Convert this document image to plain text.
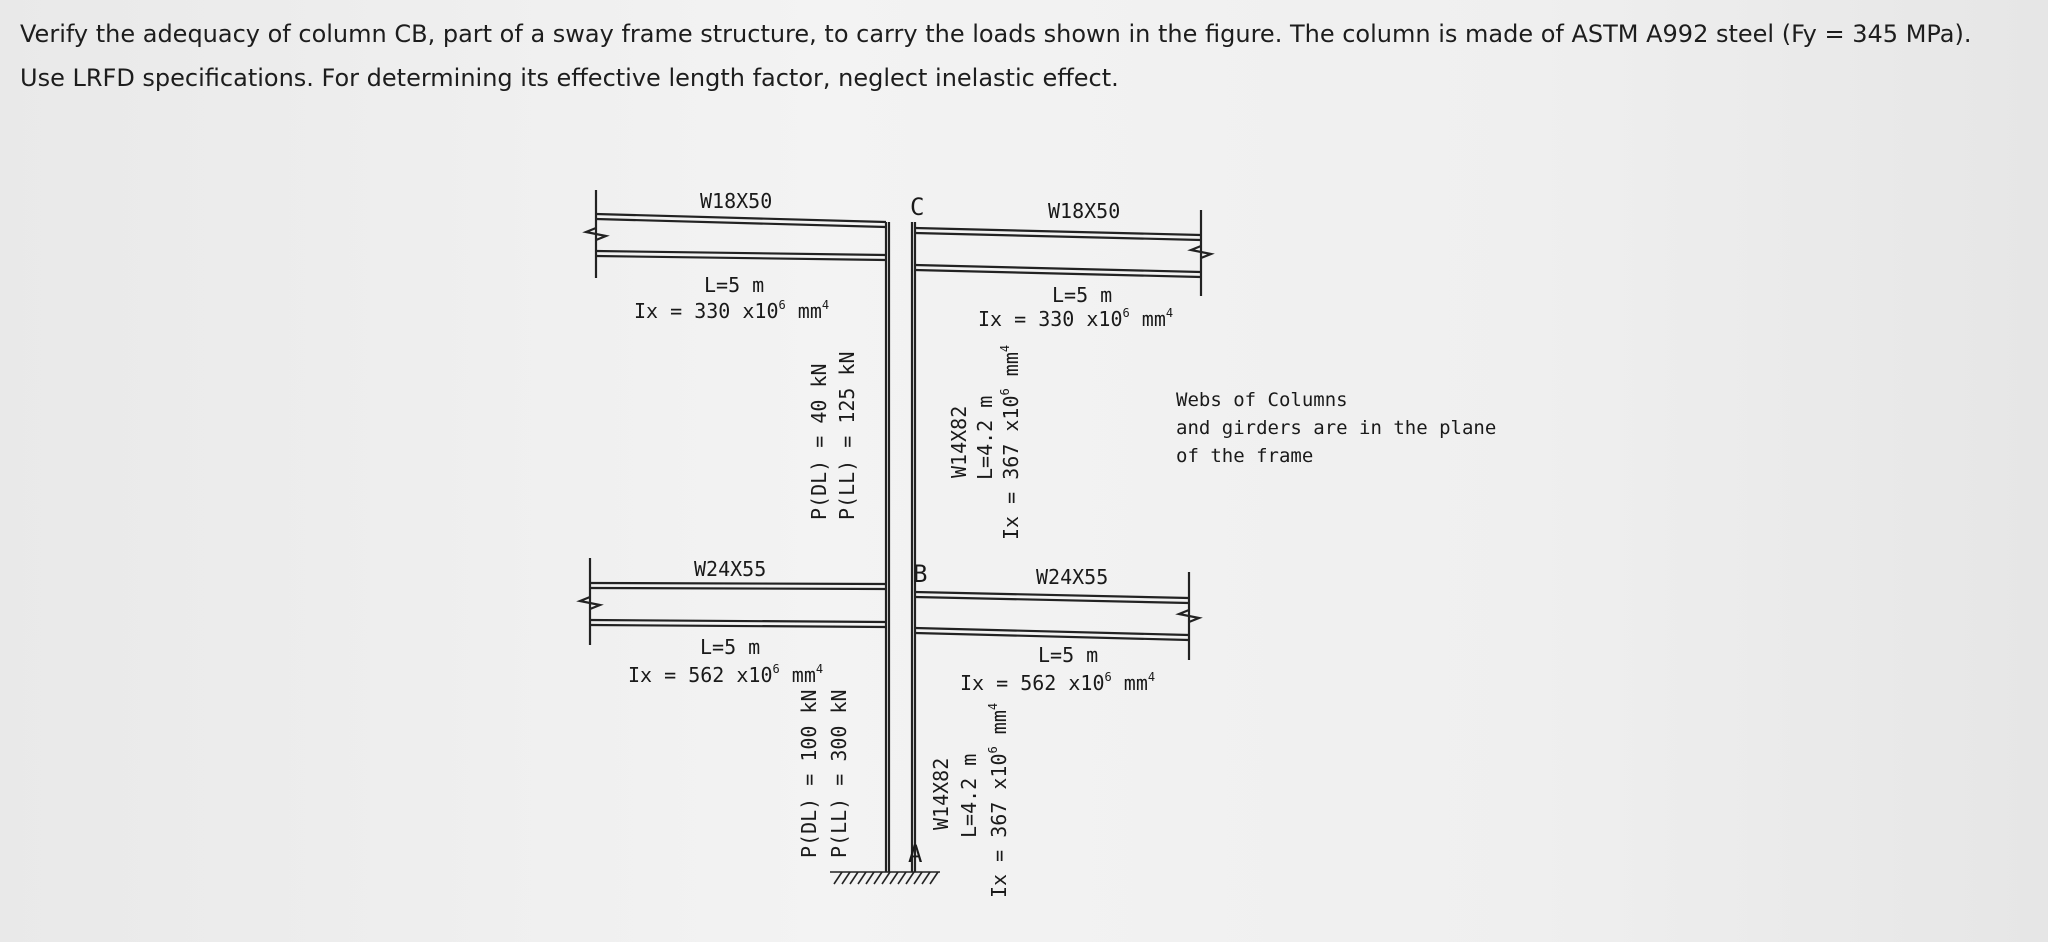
Verify the adequacy of column CB, part of a sway frame structure, to carry the loads shown in the figure. The column is made of ASTM A992 steel (Fy = 345 MPa).

Use LRFD specifications. For determining its effective length factor, neglect inelastic effect.

C
B
A
W18X50
L=5 m
Ix = 330 $x10^6$ $mm^4$
W18X50
L=5 m
Ix = 330 $x10^6$ $mm^4$
W24X55
L=5 m
Ix = 562 $x10^6$ $mm^4$
W24X55
L=5 m
Ix = 562 $x10^6$ $mm^4$
W14X82 L=4.2 m Ix = 367 $x10^6$ $mm^4$
P(DL) = 40 kN P(LL) = 125 kN
W14X82 L=4.2 m Ix = 367 $x10^6$ $mm^4$
P(DL) = 100 kN P(LL) = 300 kN
Webs of Columns
and girders are in the plane
of the frame
